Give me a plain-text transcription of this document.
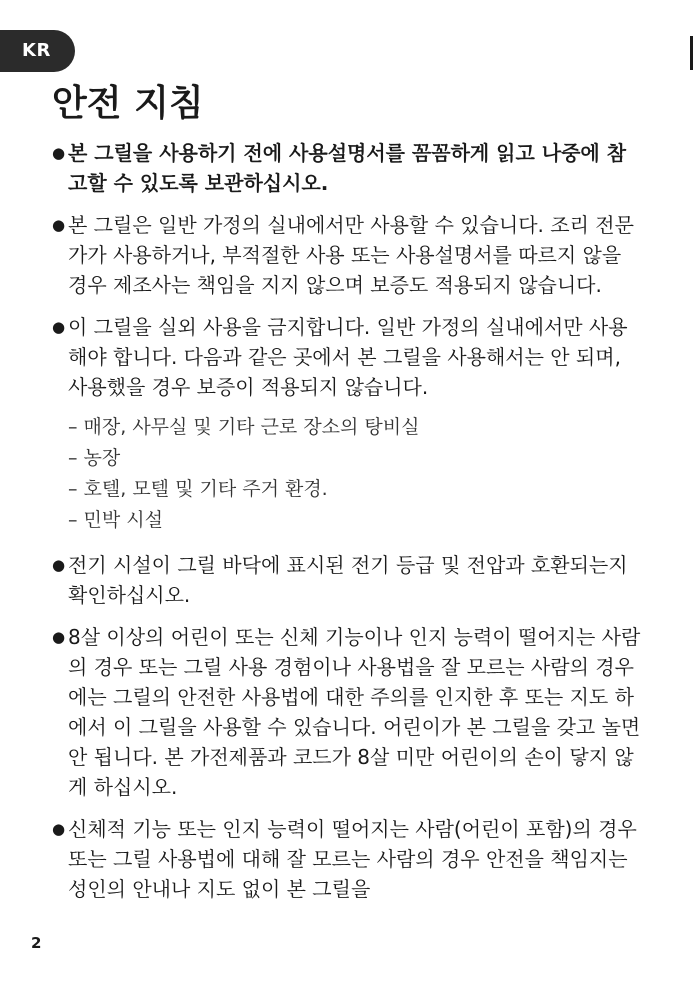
KR
안전 지침
● 본 그릴을 사용하기 전에 사용설명서를 꼼꼼하게 읽고 나중에 참고할 수 있도록 보관하십시오.
● 본 그릴은 일반 가정의 실내에서만 사용할 수 있습니다. 조리 전문가가 사용하거나, 부적절한 사용 또는 사용설명서를 따르지 않을 경우 제조사는 책임을 지지 않으며 보증도 적용되지 않습니다.
● 이 그릴을 실외 사용을 금지합니다. 일반 가정의 실내에서만 사용해야 합니다. 다음과 같은 곳에서 본 그릴을 사용해서는 안 되며, 사용했을 경우 보증이 적용되지 않습니다.
– 매장, 사무실 및 기타 근로 장소의 탕비실
– 농장
– 호텔, 모텔 및 기타 주거 환경.
– 민박 시설
● 전기 시설이 그릴 바닥에 표시된 전기 등급 및 전압과 호환되는지 확인하십시오.
● 8살 이상의 어린이 또는 신체 기능이나 인지 능력이 떨어지는 사람의 경우 또는 그릴 사용 경험이나 사용법을 잘 모르는 사람의 경우에는 그릴의 안전한 사용법에 대한 주의를 인지한 후 또는 지도 하에서 이 그릴을 사용할 수 있습니다. 어린이가 본 그릴을 갖고 놀면 안 됩니다. 본 가전제품과 코드가 8살 미만 어린이의 손이 닿지 않게 하십시오.
● 신체적 기능 또는 인지 능력이 떨어지는 사람(어린이 포함)의 경우 또는 그릴 사용법에 대해 잘 모르는 사람의 경우 안전을 책임지는 성인의 안내나 지도 없이 본 그릴을
2
